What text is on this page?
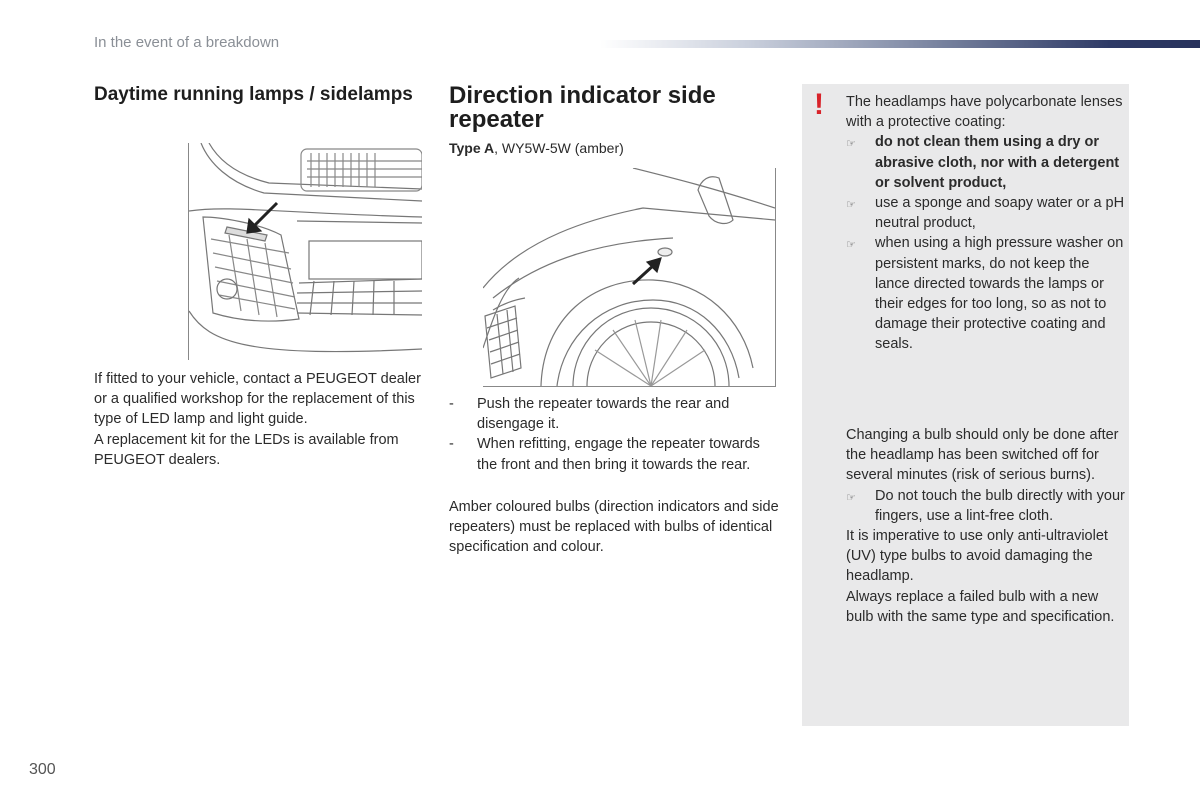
In the event of a breakdown
Daytime running lamps / sidelamps

If fitted to your vehicle, contact a PEUGEOT dealer or a qualified workshop for the replacement of this type of LED lamp and light guide.

A replacement kit for the LEDs is available from PEUGEOT dealers.

Direction indicator side repeater
Type A, WY5W-5W (amber)
-	Push the repeater towards the rear and disengage it.
-	When refitting, engage the repeater towards the front and then bring it towards the rear.
Amber coloured bulbs (direction indicators and side repeaters) must be replaced with bulbs of identical specification and colour.
! The headlamps have polycarbonate lenses with a protective coating:

☞	do not clean them using a dry or abrasive cloth, nor with a detergent or solvent product,
☞	use a sponge and soapy water or a pH neutral product,
☞	when using a high pressure washer on persistent marks, do not keep the lance directed towards the lamps or their edges for too long, so as not to damage their protective coating and seals.

Changing a bulb should only be done after the headlamp has been switched off for several minutes (risk of serious burns).

☞	Do not touch the bulb directly with your fingers, use a lint-free cloth.

It is imperative to use only anti-ultraviolet (UV) type bulbs to avoid damaging the headlamp.

Always replace a failed bulb with a new bulb with the same type and specification.

300
